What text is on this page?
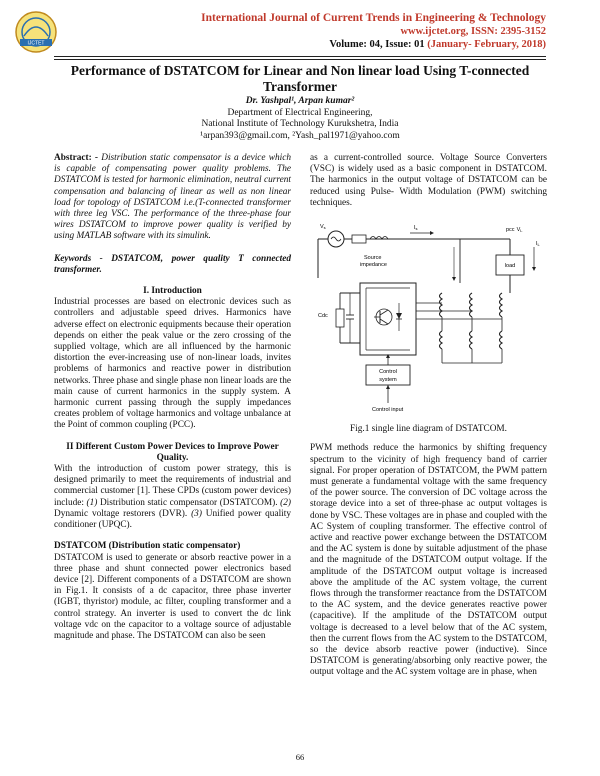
IJCTET
International Journal of Current Trends in Engineering & Technology
www.ijctet.org, ISSN: 2395-3152
Volume: 04, Issue: 01 (January- February, 2018)
Performance of DSTATCOM for Linear and Non linear load Using T-connected Transformer
Dr. Yashpal¹, Arpan kumar²
Department of Electrical Engineering,
National Institute of Technology Kurukshetra, India
¹arpan393@gmail.com, ²Yash_pal1971@yahoo.com

Abstract: - Distribution static compensator is a device which is capable of compensating power quality problems. The DSTATCOM is tested for harmonic elimination, neutral current compensation and balancing of linear as well as non linear load for topology of DSTATCOM i.e.(T-connected transformer with three leg VSC. The performance of the three-phase four wires DSTATCOM to improve power quality is verified by using MATLAB software with its simulink.

Keywords - DSTATCOM, power quality T connected transformer.

I. Introduction

Industrial processes are based on electronic devices such as controllers and adjustable speed drives. Harmonics have adverse effect on electronic equipments because their operation depends on either the peak value or the zero crossing of the supplied voltage, which are all influenced by the harmonic distortion the ever-increasing use of non-linear loads, invites problems of harmonics and reactive power in distribution networks. Three phase and single phase non linear loads are the main cause of current harmonics in the supply system. A harmonic current passing through the supply impedances creates problem of voltage harmonics and voltage unbalance at the Point of common coupling (PCC).

II Different Custom Power Devices to Improve Power Quality.

With the introduction of custom power strategy, this is designed primarily to meet the requirements of industrial and commercial customer [1]. These CPDs (custom power devices) include: (1) Distribution static compensator (DSTATCOM). (2) Dynamic voltage restorers (DVR). (3) Unified power quality conditioner (UPQC).

DSTATCOM (Distribution static compensator)

DSTATCOM is used to generate or absorb reactive power in a three phase and shunt connected power electronics based device [2]. Different components of a DSTATCOM are shown in Fig.1. It consists of a dc capacitor, three phase inverter (IGBT, thyristor) module, ac filter, coupling transformer and a control strategy. An inverter is used to convert the dc link voltage vdc on the capacitor to a voltage source of adjustable magnitude and phase. The DSTATCOM can also be seen

as a current-controlled source. Voltage Source Converters (VSC) is widely used as a basic component in DSTATCOM. The harmonics in the output voltage of DSTATCOM can be reduced using Pulse- Width Modulation (PWM) switching techniques.

Vs
Source
impedance
Is	pcc VL
load
IL
Cdc
Control
system
Control input

Fig.1 single line diagram of DSTATCOM.

PWM methods reduce the harmonics by shifting frequency spectrum to the vicinity of high frequency band of carrier signal. For proper operation of DSTATCOM, the PWM pattern must generate a fundamental voltage with the same frequency of the power source. The conversion of DC voltage across the storage device into a set of three-phase ac output voltages is done by VSC. These voltages are in phase and coupled with the AC System of coupling transformer. The effective control of active and reactive power exchange between the DSTATCOM and the AC system is done by suitable adjustment of the phase and the magnitude of the DSTATCOM output voltage. If the amplitude of the DSTATCOM output voltage is increased above the amplitude of the AC system voltage, the current flows through the transformer reactance from the DSTATCOM to the AC system, and the device generates reactive power (capacitive). If the amplitude of the DSTATCOM output voltage is decreased to a level below that of the AC system, then the current flows from the AC system to the DSTATCOM, so the device absorb reactive power (inductive). Since DSTATCOM is generating/absorbing only reactive power, the output voltage and the AC system voltage are in phase, when

66
